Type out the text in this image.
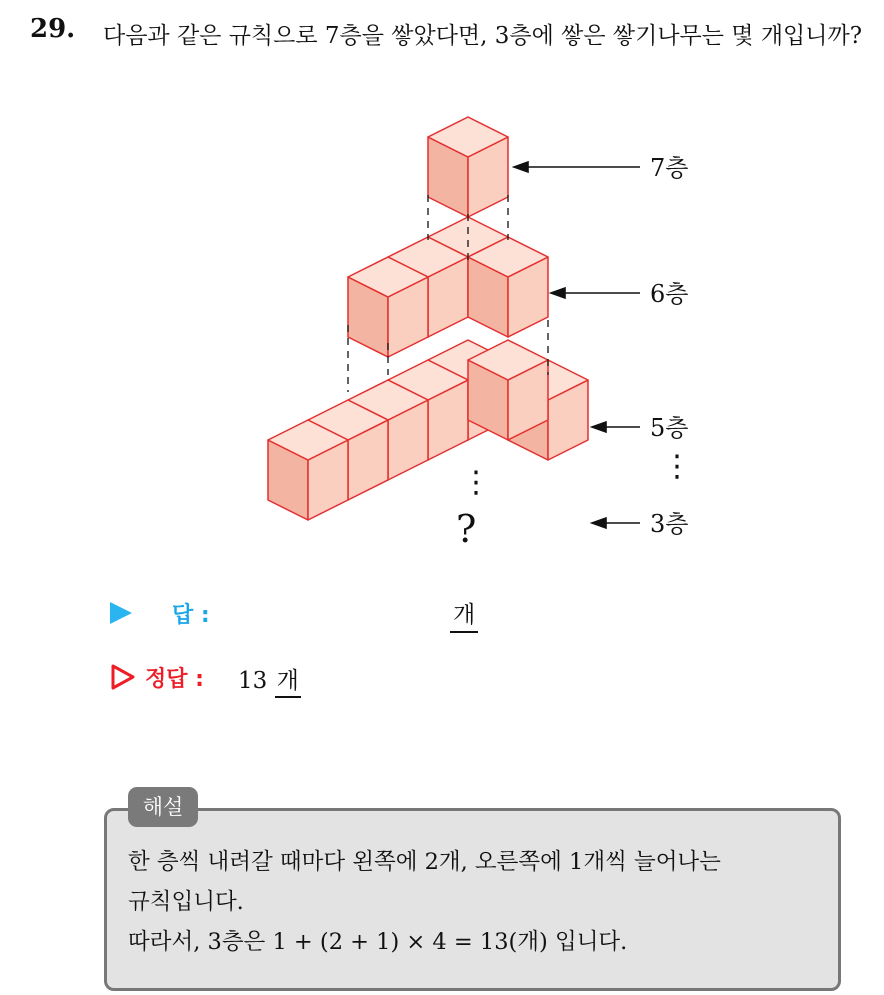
29. 다음과 같은 규칙으로 7층을 쌓았다면, 3층에 쌓은 쌓기나무는 몇 개입니까?
7층
6층
5층
3층
⋮	⋮
?
답 :	개
정답 : 13 개
해설
한 층씩 내려갈 때마다 왼쪽에 2개, 오른쪽에 1개씩 늘어나는
규칙입니다.
따라서, 3층은 1 + (2 + 1) × 4 = 13(개) 입니다.
